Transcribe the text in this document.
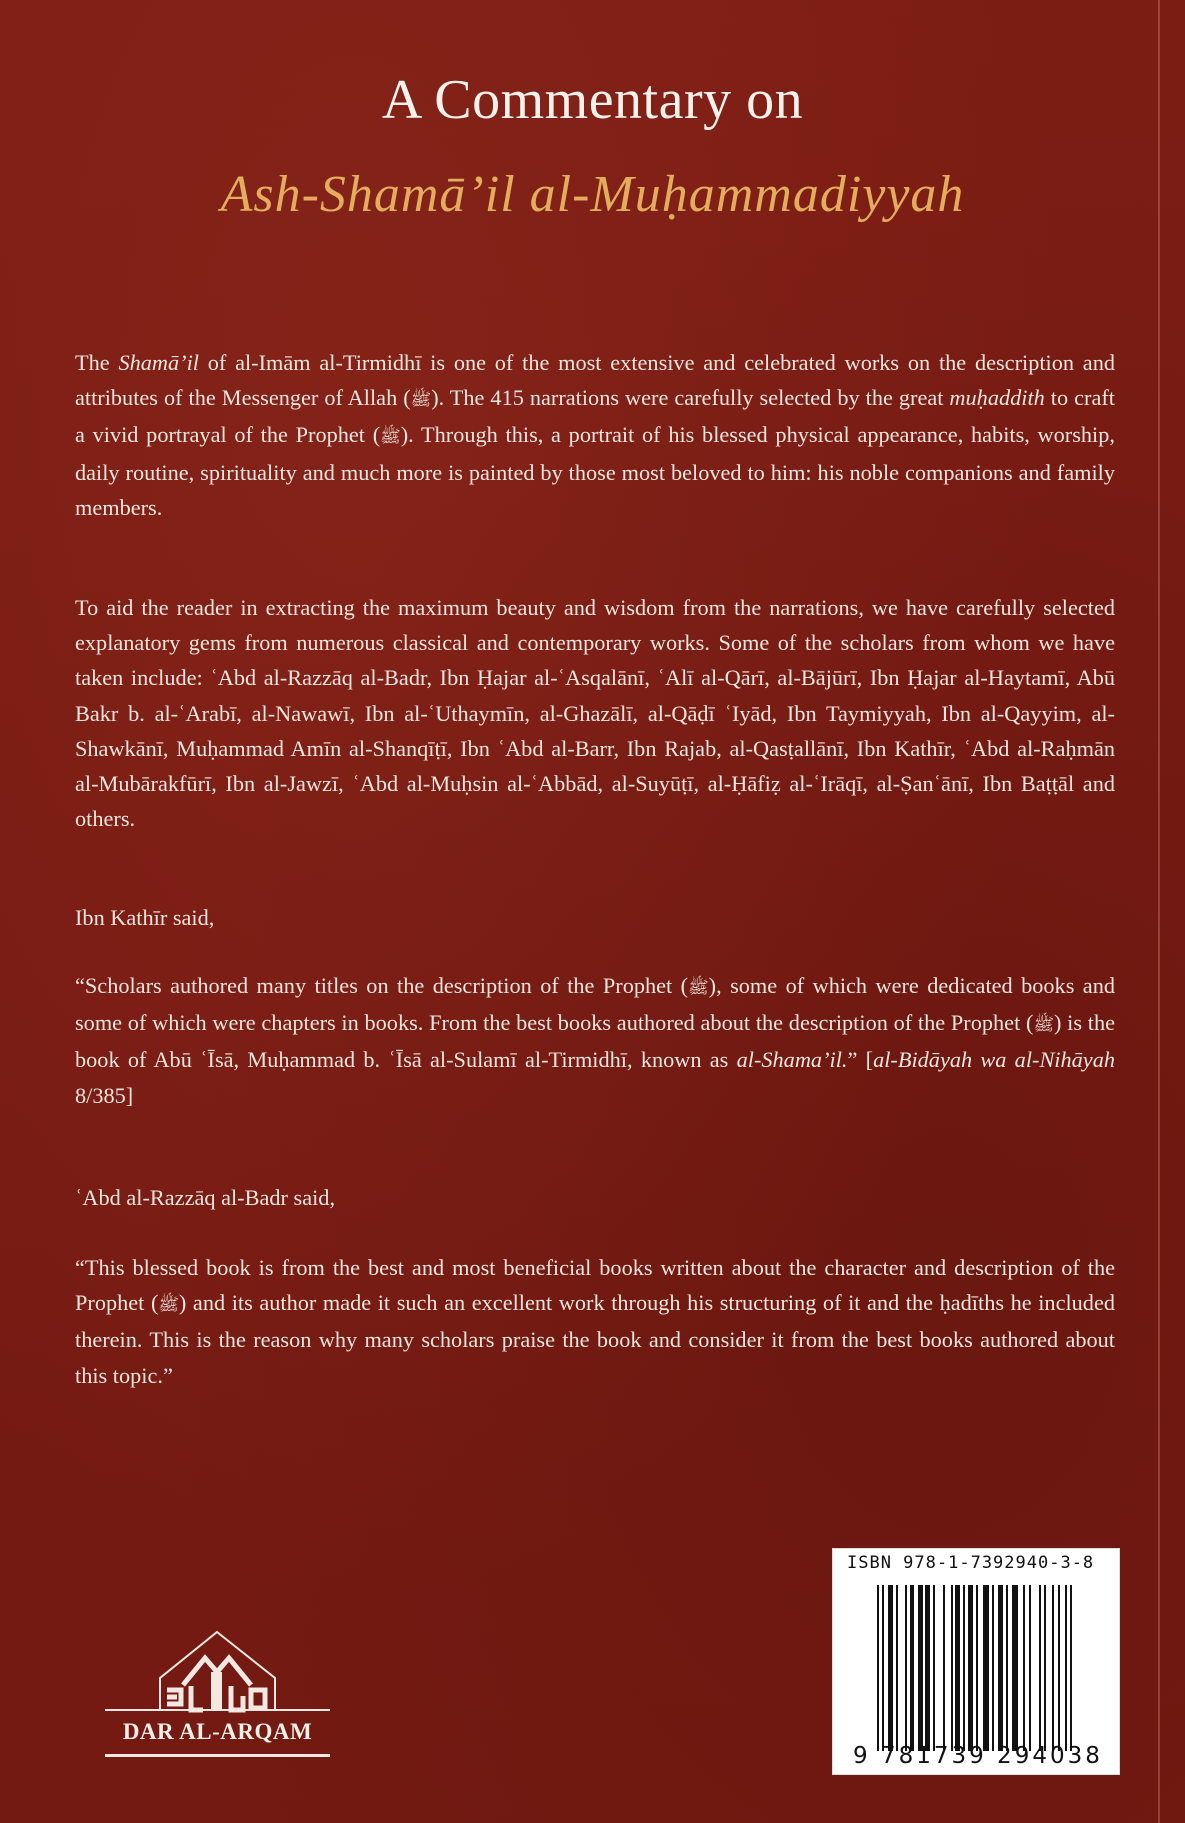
A Commentary on
Ash-Shamā’il al-Muḥammadiyyah

The Shamā’il of al-Imām al-Tirmidhī is one of the most extensive and celebrated works on the description and attributes of the Messenger of Allah (ﷺ). The 415 narrations were carefully selected by the great muḥaddith to craft a vivid portrayal of the Prophet (ﷺ). Through this, a portrait of his blessed physical appearance, habits, worship, daily routine, spirituality and much more is painted by those most beloved to him: his noble companions and family members.

To aid the reader in extracting the maximum beauty and wisdom from the narrations, we have carefully selected explanatory gems from numerous classical and contemporary works. Some of the scholars from whom we have taken include: ʿAbd al-Razzāq al-Badr, Ibn Ḥajar al-ʿAsqalānī, ʿAlī al-Qārī, al-Bājūrī, Ibn Ḥajar al-Haytamī, Abū Bakr b. al-ʿArabī, al-Nawawī, Ibn al-ʿUthaymīn, al-Ghazālī, al-Qāḍī ʿIyād, Ibn Taymiyyah, Ibn al-Qayyim, al-Shawkānī, Muḥammad Amīn al-Shanqīṭī, Ibn ʿAbd al-Barr, Ibn Rajab, al-Qasṭallānī, Ibn Kathīr, ʿAbd al-Raḥmān al-Mubārakfūrī, Ibn al-Jawzī, ʿAbd al-Muḥsin al-ʿAbbād, al-Suyūṭī, al-Ḥāfiẓ al-ʿIrāqī, al-Ṣanʿānī, Ibn Baṭṭāl and others.

Ibn Kathīr said,

“Scholars authored many titles on the description of the Prophet (ﷺ), some of which were dedicated books and some of which were chapters in books. From the best books authored about the description of the Prophet (ﷺ) is the book of Abū ʿĪsā, Muḥammad b. ʿĪsā al-Sulamī al-Tirmidhī, known as al-Shama’il.” [al-Bidāyah wa al-Nihāyah 8/385]

ʿAbd al-Razzāq al-Badr said,

“This blessed book is from the best and most beneficial books written about the character and description of the Prophet (ﷺ) and its author made it such an excellent work through his structuring of it and the ḥadīths he included therein. This is the reason why many scholars praise the book and consider it from the best books authored about this topic.”

DAR AL-ARQAM
ISBN 978-1-7392940-3-8
9 781739 294038
